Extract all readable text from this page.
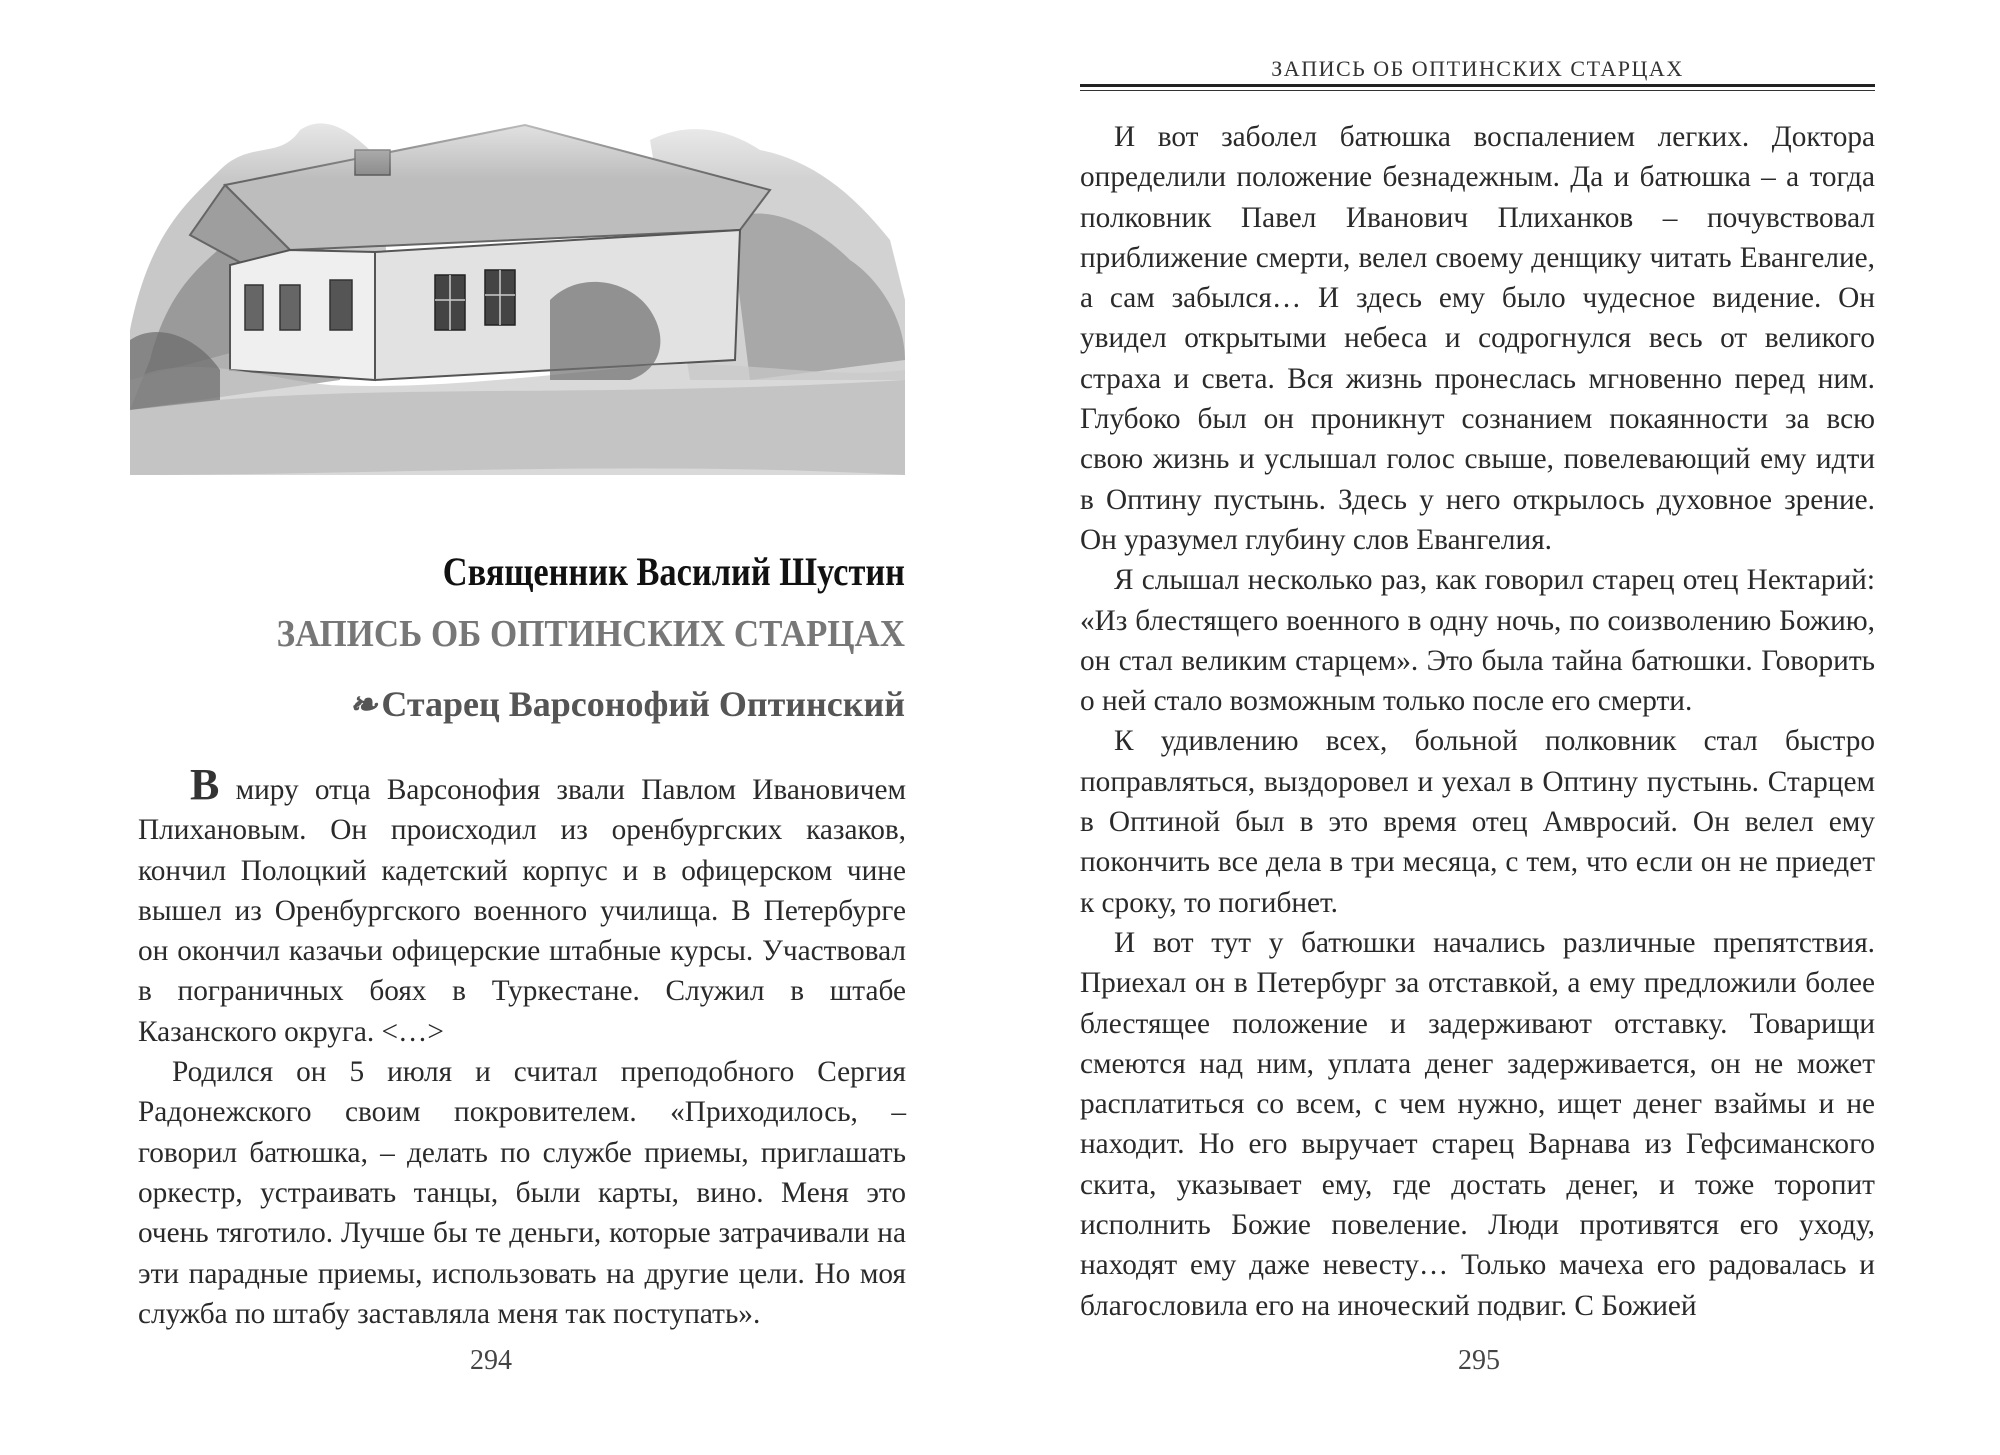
Священник Василий Шустин
ЗАПИСЬ ОБ ОПТИНСКИХ СТАРЦАХ
❧ Старец Варсонофий Оптинский

В миру отца Варсонофия звали Павлом Ивановичем Плихановым. Он происходил из оренбургских казаков, кончил Полоцкий кадетский корпус и в офицерском чине вышел из Оренбургского военного училища. В Петербурге он окончил казачьи офицерские штабные курсы. Участвовал в пограничных боях в Туркестане. Служил в штабе Казанского округа. <…>

Родился он 5 июля и считал преподобного Сергия Радонежского своим покровителем. «Приходилось, – говорил батюшка, – делать по службе приемы, приглашать оркестр, устраивать танцы, были карты, вино. Меня это очень тяготило. Лучше бы те деньги, которые затрачивали на эти парадные приемы, использовать на другие цели. Но моя служба по штабу заставляла меня так поступать».

294
ЗАПИСЬ ОБ ОПТИНСКИХ СТАРЦАХ

И вот заболел батюшка воспалением легких. Доктора определили положение безнадежным. Да и батюшка – а тогда полковник Павел Иванович Плиханков – почувствовал приближение смерти, велел своему денщику читать Евангелие, а сам забылся… И здесь ему было чудесное видение. Он увидел открытыми небеса и содрогнулся весь от великого страха и света. Вся жизнь пронеслась мгновенно перед ним. Глубоко был он проникнут сознанием покаянности за всю свою жизнь и услышал голос свыше, повелевающий ему идти в Оптину пустынь. Здесь у него открылось духовное зрение. Он уразумел глубину слов Евангелия.

Я слышал несколько раз, как говорил старец отец Нектарий: «Из блестящего военного в одну ночь, по соизволению Божию, он стал великим старцем». Это была тайна батюшки. Говорить о ней стало возможным только после его смерти.

К удивлению всех, больной полковник стал быстро поправляться, выздоровел и уехал в Оптину пустынь. Старцем в Оптиной был в это время отец Амвросий. Он велел ему покончить все дела в три месяца, с тем, что если он не приедет к сроку, то погибнет.

И вот тут у батюшки начались различные препятствия. Приехал он в Петербург за отставкой, а ему предложили более блестящее положение и задерживают отставку. Товарищи смеются над ним, уплата денег задерживается, он не может расплатиться со всем, с чем нужно, ищет денег взаймы и не находит. Но его выручает старец Варнава из Гефсиманского скита, указывает ему, где достать денег, и тоже торопит исполнить Божие повеление. Люди противятся его уходу, находят ему даже невесту… Только мачеха его радовалась и благословила его на иноческий подвиг. С Божией

295
